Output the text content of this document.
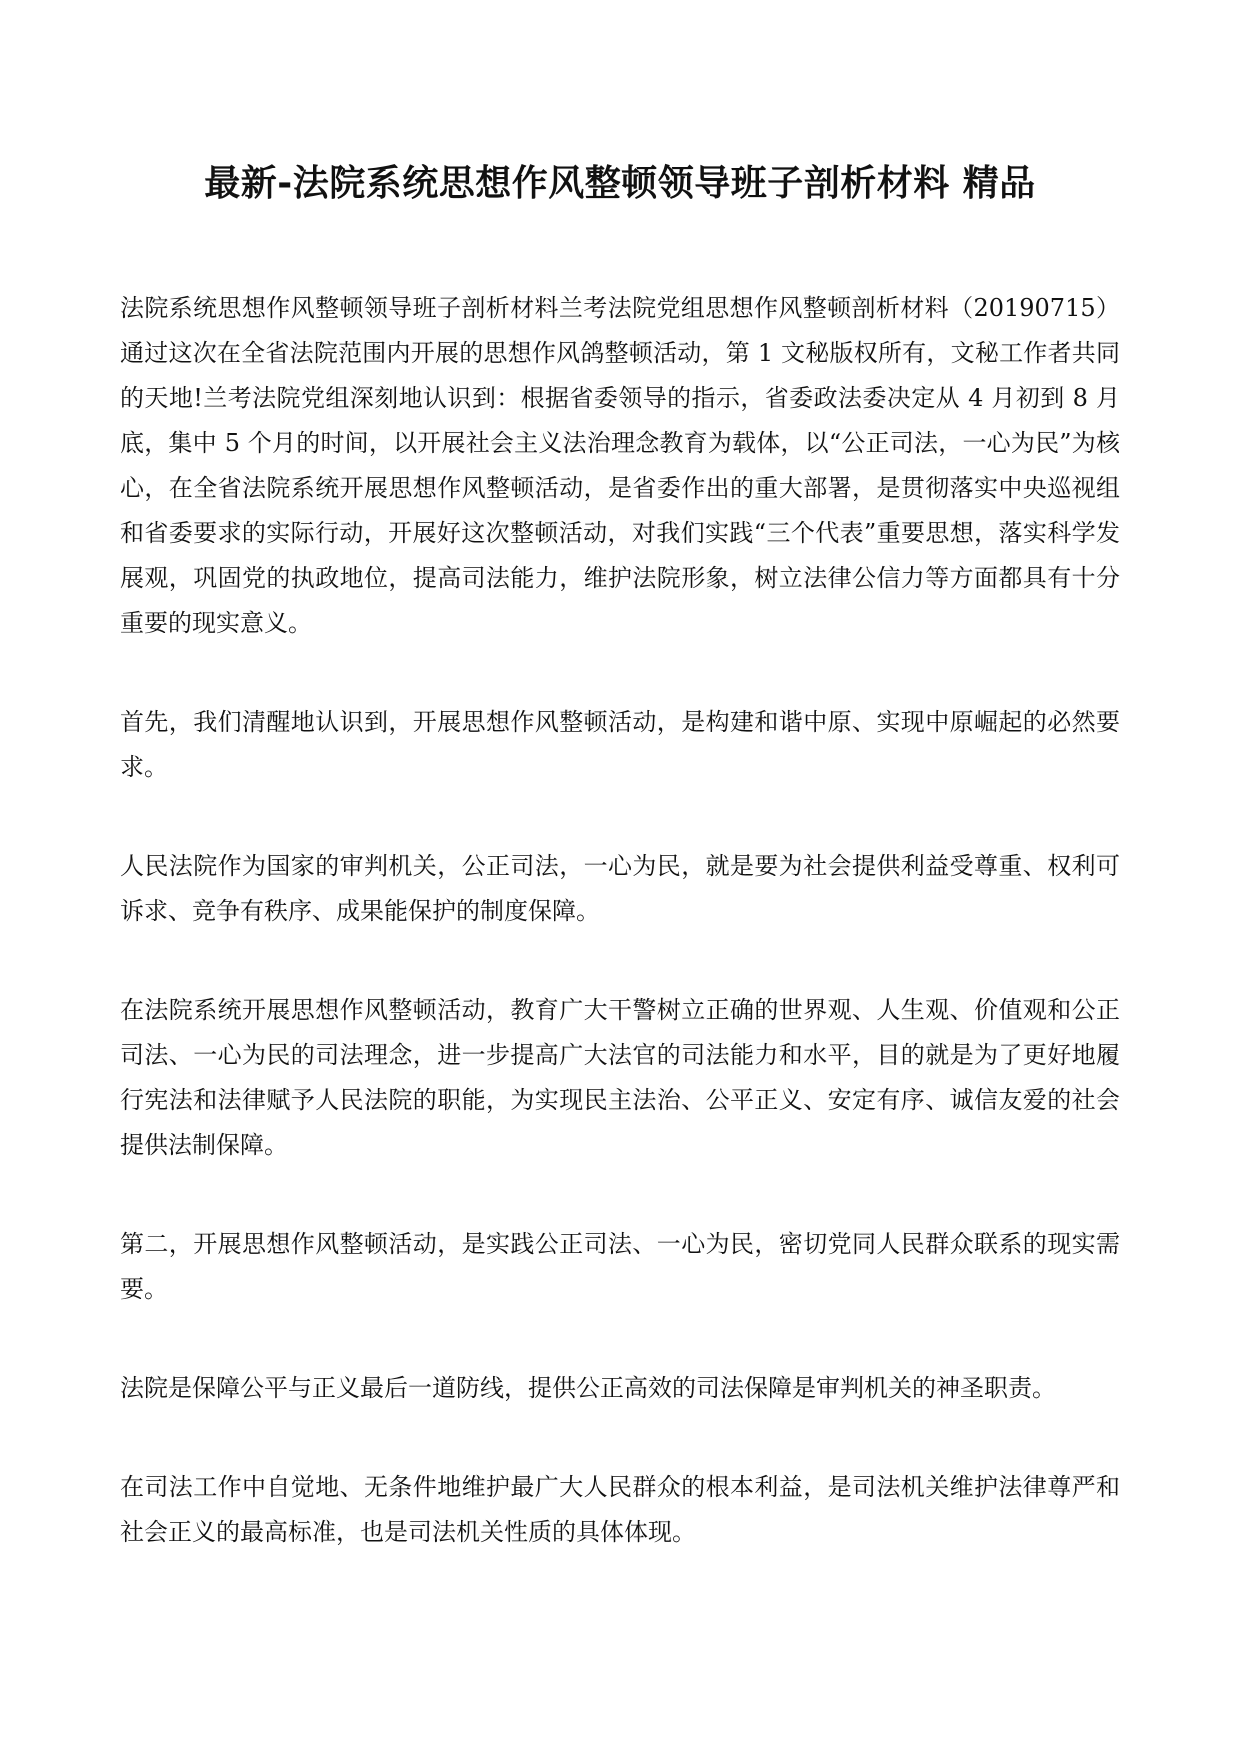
最新-法院系统思想作风整顿领导班子剖析材料 精品

法院系统思想作风整顿领导班子剖析材料兰考法院党组思想作风整顿剖析材料（20190715）通过这次在全省法院范围内开展的思想作风鸽整顿活动，第 1 文秘版权所有，文秘工作者共同的天地!兰考法院党组深刻地认识到：根据省委领导的指示，省委政法委决定从 4 月初到 8 月底，集中 5 个月的时间，以开展社会主义法治理念教育为载体，以“公正司法，一心为民”为核心，在全省法院系统开展思想作风整顿活动，是省委作出的重大部署，是贯彻落实中央巡视组和省委要求的实际行动，开展好这次整顿活动，对我们实践“三个代表”重要思想，落实科学发展观，巩固党的执政地位，提高司法能力，维护法院形象，树立法律公信力等方面都具有十分重要的现实意义。

首先，我们清醒地认识到，开展思想作风整顿活动，是构建和谐中原、实现中原崛起的必然要求。

人民法院作为国家的审判机关，公正司法，一心为民，就是要为社会提供利益受尊重、权利可诉求、竞争有秩序、成果能保护的制度保障。

在法院系统开展思想作风整顿活动，教育广大干警树立正确的世界观、人生观、价值观和公正司法、一心为民的司法理念，进一步提高广大法官的司法能力和水平，目的就是为了更好地履行宪法和法律赋予人民法院的职能，为实现民主法治、公平正义、安定有序、诚信友爱的社会提供法制保障。

第二，开展思想作风整顿活动，是实践公正司法、一心为民，密切党同人民群众联系的现实需要。

法院是保障公平与正义最后一道防线，提供公正高效的司法保障是审判机关的神圣职责。

在司法工作中自觉地、无条件地维护最广大人民群众的根本利益，是司法机关维护法律尊严和社会正义的最高标准，也是司法机关性质的具体体现。
